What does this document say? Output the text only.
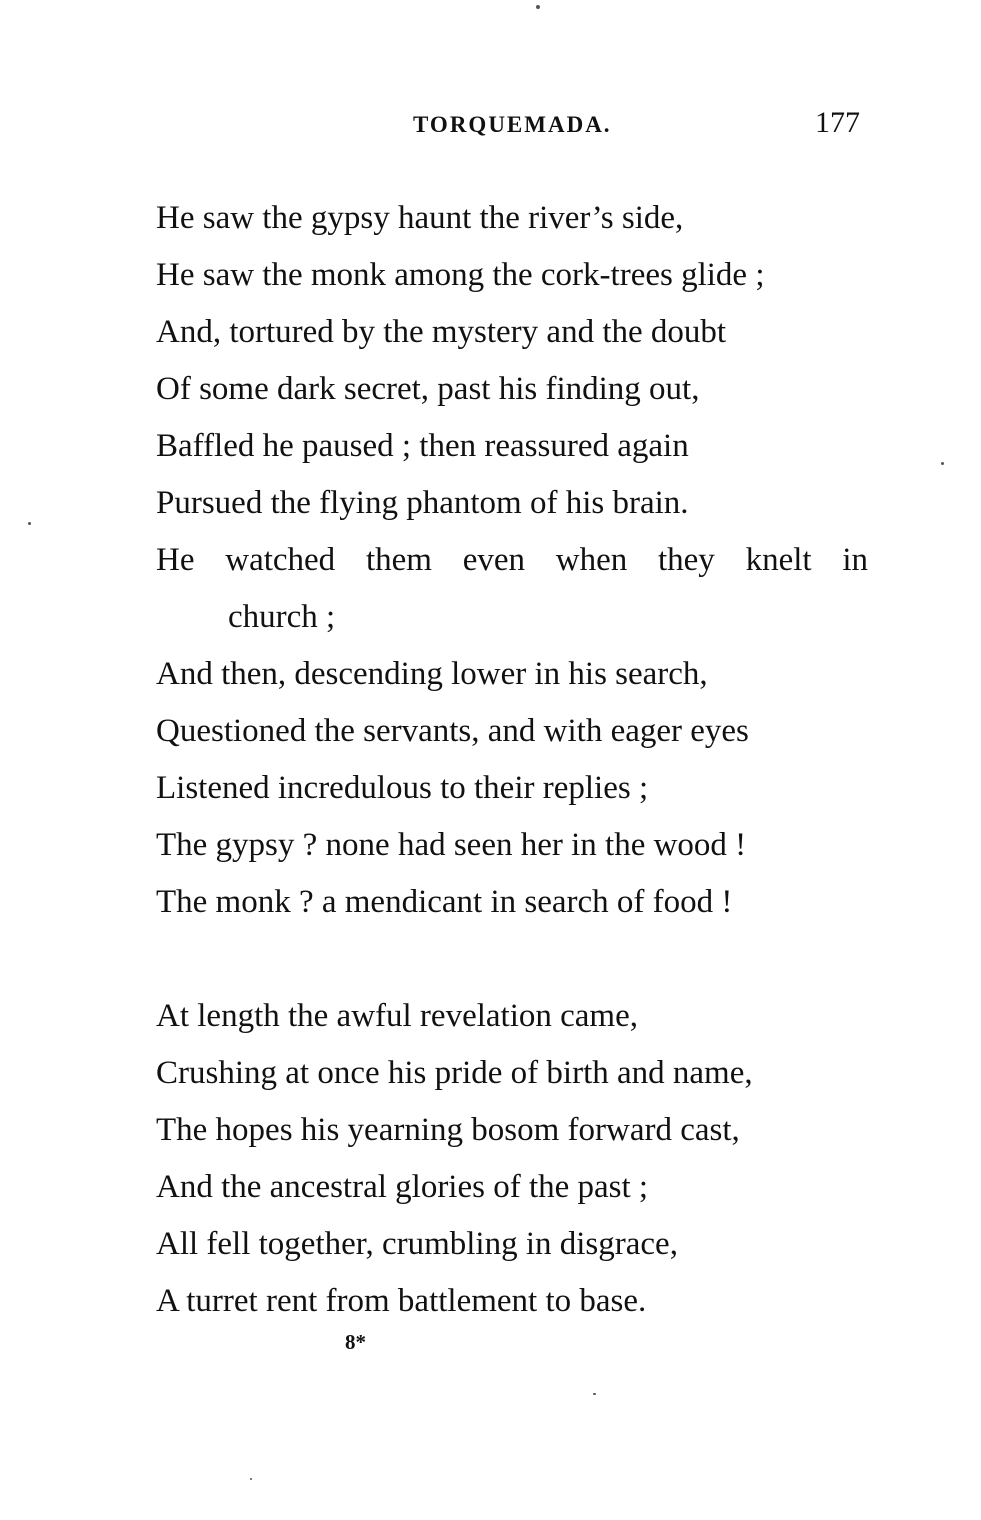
TORQUEMADA.	177
He saw the gypsy haunt the river’s side,
He saw the monk among the cork-trees glide ;
And, tortured by the mystery and the doubt
Of some dark secret, past his finding out,
Baffled he paused ; then reassured again
Pursued the flying phantom of his brain.
He watched them even when they knelt in
church ;
And then, descending lower in his search,
Questioned the servants, and with eager eyes
Listened incredulous to their replies ;
The gypsy ? none had seen her in the wood !
The monk ? a mendicant in search of food !
At length the awful revelation came,
Crushing at once his pride of birth and name,
The hopes his yearning bosom forward cast,
And the ancestral glories of the past ;
All fell together, crumbling in disgrace,
A turret rent from battlement to base.
8*
